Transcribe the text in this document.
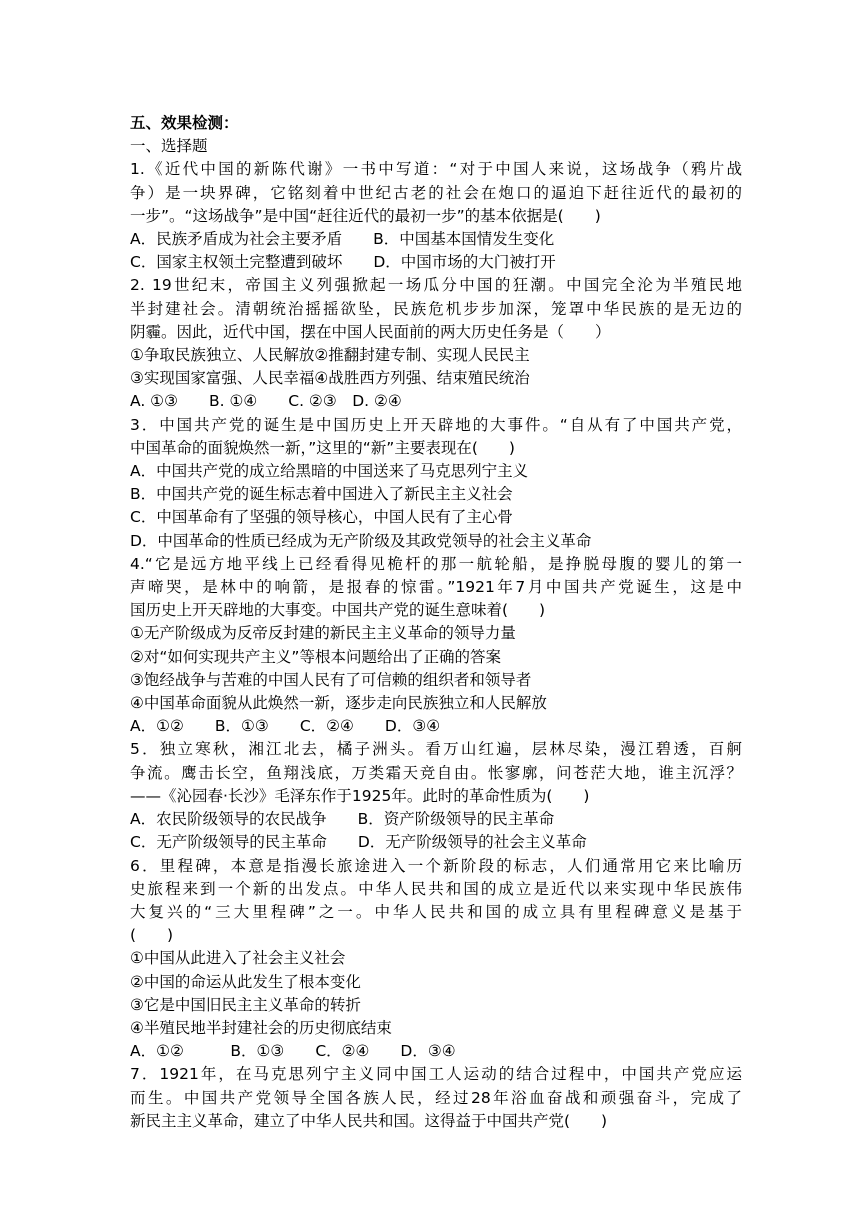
五、效果检测：
一、选择题
1.《近代中国的新陈代谢》一书中写道：“对于中国人来说，这场战争（鸦片战
争）是一块界碑，它铭刻着中世纪古老的社会在炮口的逼迫下赶往近代的最初的
一步”。“这场战争”是中国“赶往近代的最初一步”的基本依据是(　　)
A．民族矛盾成为社会主要矛盾　　B．中国基本国情发生变化
C．国家主权领土完整遭到破坏　　D．中国市场的大门被打开
2. 19世纪末，帝国主义列强掀起一场瓜分中国的狂潮。中国完全沦为半殖民地
半封建社会。清朝统治摇摇欲坠，民族危机步步加深，笼罩中华民族的是无边的
阴霾。因此，近代中国，摆在中国人民面前的两大历史任务是（　　）
①争取民族独立、人民解放②推翻封建专制、实现人民民主
③实现国家富强、人民幸福④战胜西方列强、结束殖民统治
A. ①③　　B. ①④　　C. ②③　D. ②④
3．中国共产党的诞生是中国历史上开天辟地的大事件。“自从有了中国共产党，
中国革命的面貌焕然一新，”这里的“新”主要表现在(　　)
A．中国共产党的成立给黑暗的中国送来了马克思列宁主义
B．中国共产党的诞生标志着中国进入了新民主主义社会
C．中国革命有了坚强的领导核心，中国人民有了主心骨
D．中国革命的性质已经成为无产阶级及其政党领导的社会主义革命
4.“它是远方地平线上已经看得见桅杆的那一航轮船，是挣脱母腹的婴儿的第一
声啼哭，是林中的响箭，是报春的惊雷。”1921年7月中国共产党诞生，这是中
国历史上开天辟地的大事变。中国共产党的诞生意味着(　　)
①无产阶级成为反帝反封建的新民主主义革命的领导力量
②对“如何实现共产主义”等根本问题给出了正确的答案
③饱经战争与苦难的中国人民有了可信赖的组织者和领导者
④中国革命面貌从此焕然一新，逐步走向民族独立和人民解放
A．①②　　B．①③　　C．②④　　D．③④
5．独立寒秋，湘江北去，橘子洲头。看万山红遍，层林尽染，漫江碧透，百舸
争流。鹰击长空，鱼翔浅底，万类霜天竞自由。怅寥廓，问苍茫大地，谁主沉浮？
——《沁园春·长沙》毛泽东作于1925年。此时的革命性质为(　　)
A．农民阶级领导的农民战争　　B．资产阶级领导的民主革命
C．无产阶级领导的民主革命　　D．无产阶级领导的社会主义革命
6．里程碑，本意是指漫长旅途进入一个新阶段的标志，人们通常用它来比喻历
史旅程来到一个新的出发点。中华人民共和国的成立是近代以来实现中华民族伟
大复兴的“三大里程碑”之一。中华人民共和国的成立具有里程碑意义是基于
(　　)
①中国从此进入了社会主义社会
②中国的命运从此发生了根本变化
③它是中国旧民主主义革命的转折
④半殖民地半封建社会的历史彻底结束
A．①②　　　B．①③　　C．②④　　D．③④
7．1921年，在马克思列宁主义同中国工人运动的结合过程中，中国共产党应运
而生。中国共产党领导全国各族人民，经过28年浴血奋战和顽强奋斗，完成了
新民主主义革命，建立了中华人民共和国。这得益于中国共产党(　　)
